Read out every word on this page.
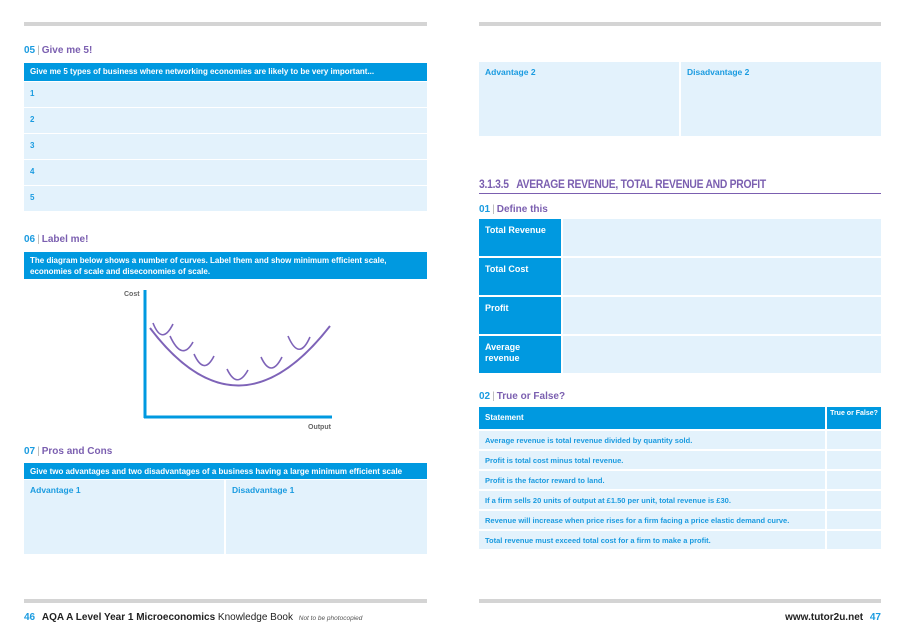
05 | Give me 5!
Give me 5 types of business where networking economies are likely to be very important...
1
2
3
4
5
06 | Label me!
The diagram below shows a number of curves. Label them and show minimum efficient scale, economies of scale and diseconomies of scale.
Cost
Output
07 | Pros and Cons
Give two advantages and two disadvantages of a business having a large minimum efficient scale
Advantage 1	Disadvantage 1
Advantage 2	Disadvantage 2
3.1.3.5   AVERAGE REVENUE, TOTAL REVENUE AND PROFIT
01 | Define this
Total Revenue
Total Cost
Profit
Average revenue
02 | True or False?
Statement	True or False?
Average revenue is total revenue divided by quantity sold.
Profit is total cost minus total revenue.
Profit is the factor reward to land.
If a firm sells 20 units of output at £1.50 per unit, total revenue is £30.
Revenue will increase when price rises for a firm facing a price elastic demand curve.
Total revenue must exceed total cost for a firm to make a profit.
46 AQA A Level Year 1 Microeconomics Knowledge Book Not to be photocopied	www.tutor2u.net 47
